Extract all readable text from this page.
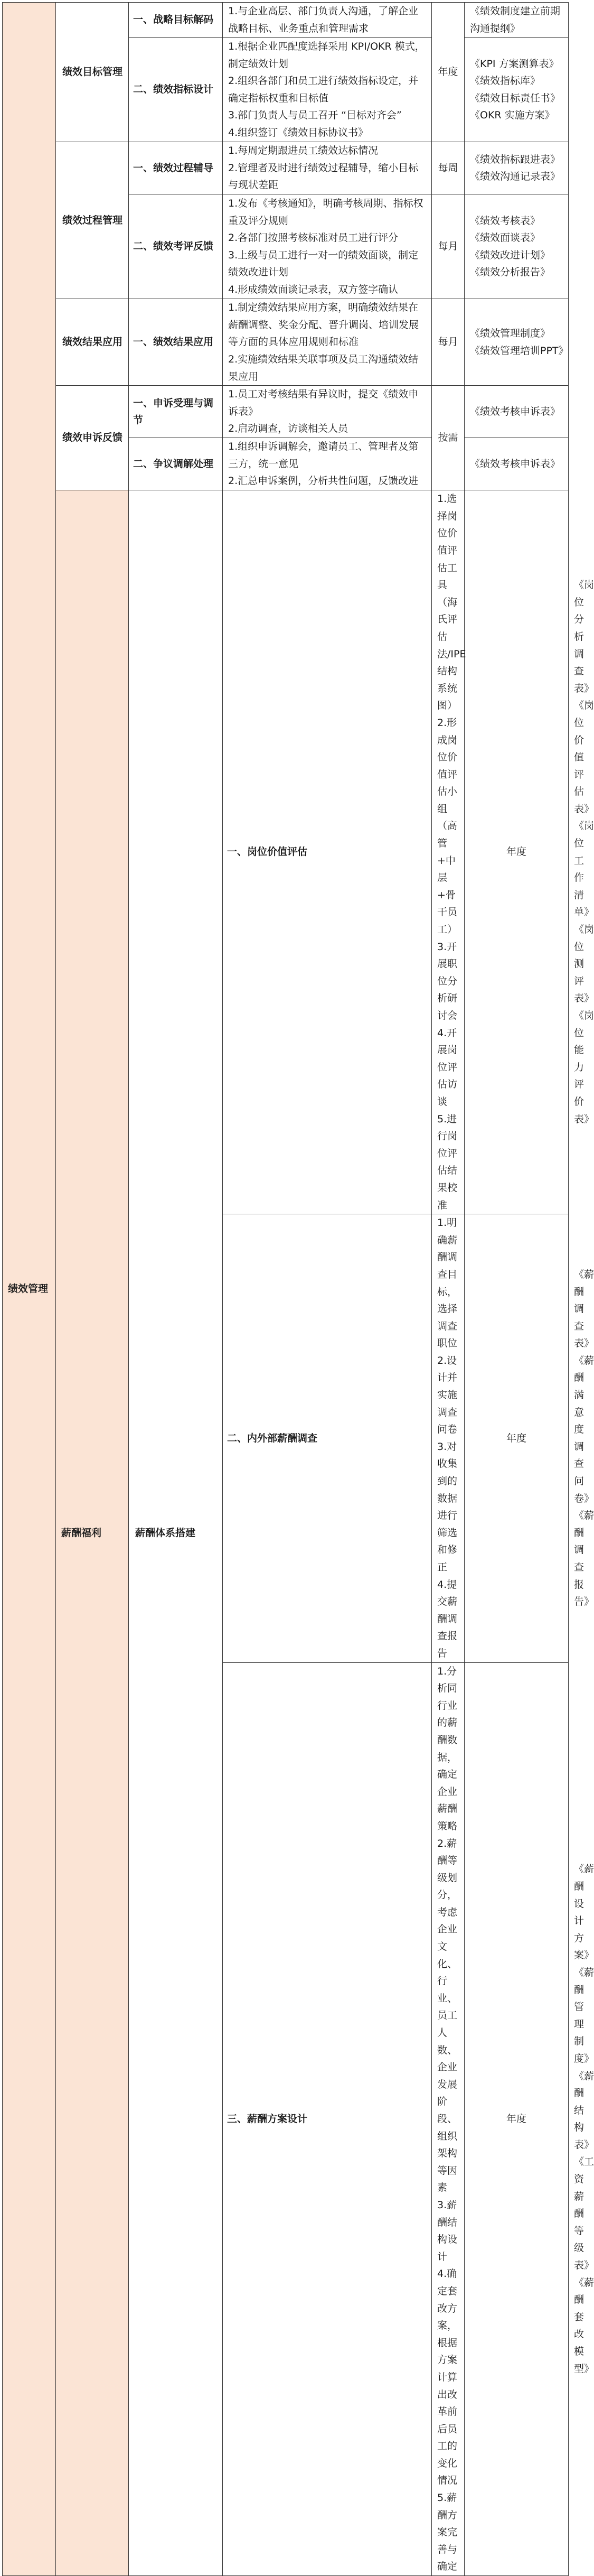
绩效管理	绩效目标管理	一、战略目标解码	1.与企业高层、部门负责人沟通，了解企业战略目标、业务重点和管理需求	年度	《绩效制度建立前期沟通提纲》	

		二、绩效指标设计	1.根据企业匹配度选择采用 KPI/OKR 模式，制定绩效计划
2.组织各部门和员工进行绩效指标设定，并确定指标权重和目标值
3.部门负责人与员工召开 “目标对齐会”
4.组织签订《绩效目标协议书》		《KPI 方案测算表》
《绩效指标库》
《绩效目标责任书》
《OKR 实施方案》	

	绩效过程管理	一、绩效过程辅导	1.每周定期跟进员工绩效达标情况
2.管理者及时进行绩效过程辅导，缩小目标与现状差距	每周	《绩效指标跟进表》
《绩效沟通记录表》	

		二、绩效考评反馈	1.发布《考核通知》，明确考核周期、指标权重及评分规则
2.各部门按照考核标准对员工进行评分
3.上级与员工进行一对一的绩效面谈，制定绩效改进计划
4.形成绩效面谈记录表，双方签字确认	每月	《绩效考核表》
《绩效面谈表》
《绩效改进计划》
《绩效分析报告》	

	绩效结果应用	一、绩效结果应用	1.制定绩效结果应用方案，明确绩效结果在薪酬调整、奖金分配、晋升调岗、培训发展等方面的具体应用规则和标准
2.实施绩效结果关联事项及员工沟通绩效结果应用	每月	《绩效管理制度》
《绩效管理培训PPT》	

	绩效申诉反馈	一、申诉受理与调节	1.员工对考核结果有异议时，提交《绩效申诉表》
2.启动调查，访谈相关人员	按需	《绩效考核申诉表》	

		二、争议调解处理	1.组织申诉调解会，邀请员工、管理者及第三方，统一意见
2.汇总申诉案例，分析共性问题，反馈改进		《绩效考核申诉表》	

	薪酬福利	薪酬体系搭建	一、岗位价值评估	1.选择岗位价值评估工具（海氏评估法/IPE 结构系统图）
2.形成岗位价值评估小组（高管+中层+骨干员工）
3.开展职位分析研讨会
4.开展岗位评估访谈
5.进行岗位评估结果校准	年度	《岗位分析调查表》
《岗位价值评估表》
《岗位工作清单》
《岗位测评表》
《岗位能力评价表》

			二、内外部薪酬调查	1.明确薪酬调查目标，选择调查职位
2.设计并实施调查问卷
3.对收集到的数据进行筛选和修正
4.提交薪酬调查报告	年度	《薪酬调查表》
《薪酬满意度调查问卷》
《薪酬调查报告》

			三、薪酬方案设计	1.分析同行业的薪酬数据，确定企业薪酬策略
2.薪酬等级划分，考虑企业文化、行业、员工人数、企业发展阶段、组织架构等因素
3.薪酬结构设计
4.确定套改方案，根据方案计算出改革前后员工的变化情况
5.薪酬方案完善与确定	年度	《薪酬设计方案》
《薪酬管理制度》
《薪酬结构表》
《工资薪酬等级表》
《薪酬套改模型》
